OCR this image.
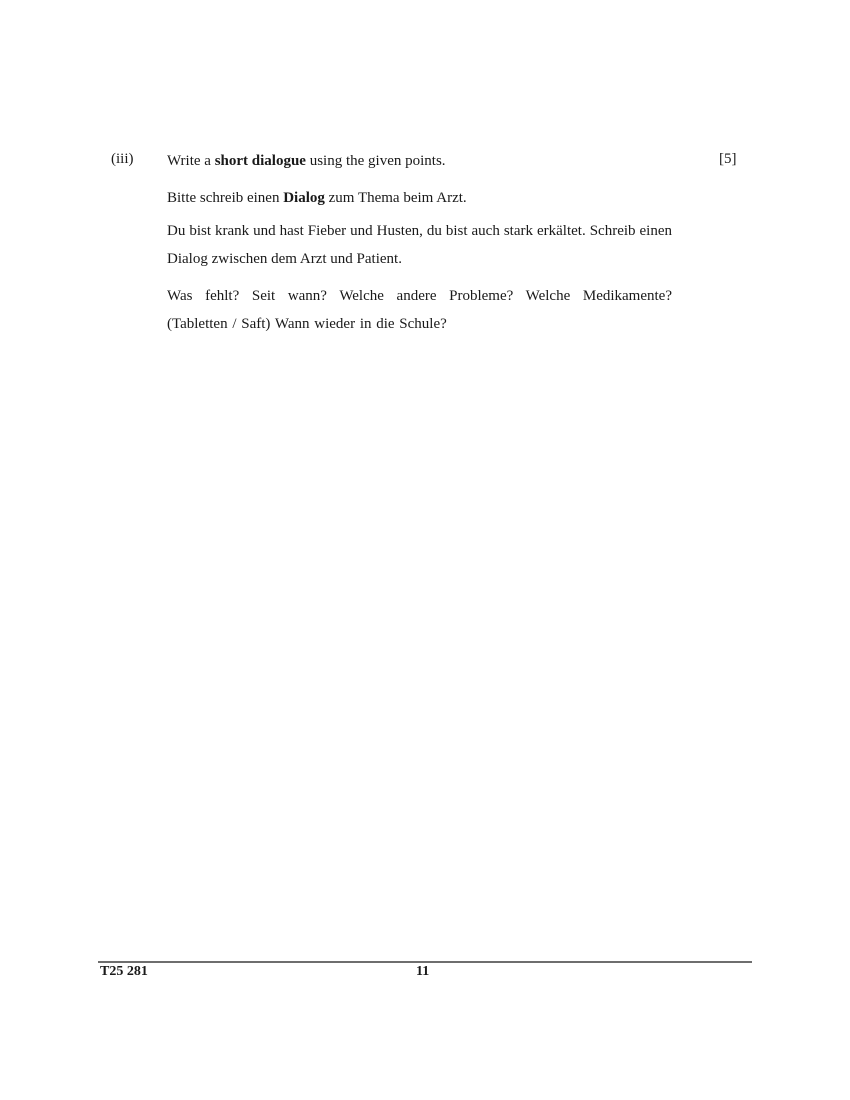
(iii)	[5]

Write a short dialogue using the given points.

Bitte schreib einen Dialog zum Thema beim Arzt.

Du bist krank und hast Fieber und Husten, du bist auch stark erkältet. Schreib einen Dialog zwischen dem Arzt und Patient.

Was fehlt? Seit wann? Welche andere Probleme? Welche Medikamente? (Tabletten / Saft) Wann wieder in die Schule?

T25 281	11
